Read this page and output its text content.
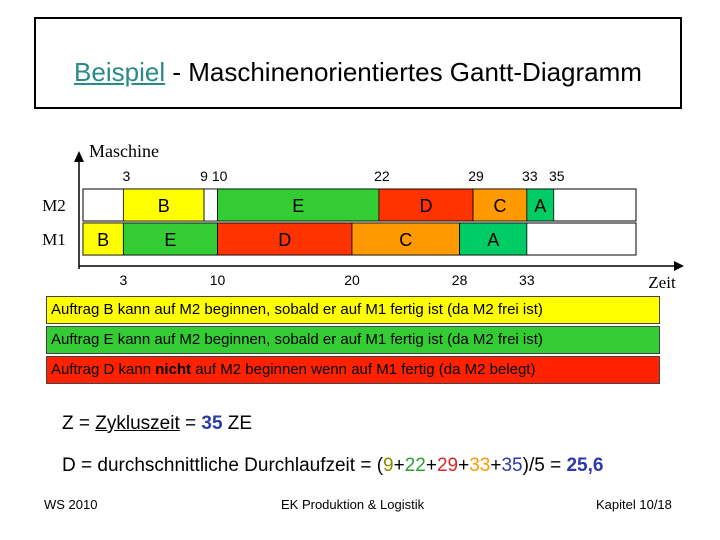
Beispiel - Maschinenorientiertes Gantt-Diagramm
B	E	D	C A
B	E	D	C	A
Maschine
Zeit
M2
M1
3	9 10	22	29	33 35
3	10	20	28	33
Auftrag B kann auf M2 beginnen, sobald er auf M1 fertig ist (da M2 frei ist)
Auftrag E kann auf M2 beginnen, sobald er auf M1 fertig ist (da M2 frei ist)
Auftrag D kann nicht auf M2 beginnen wenn auf M1 fertig (da M2 belegt)
Z = Zykluszeit = 35 ZE
D = durchschnittliche Durchlaufzeit = (9+22+29+33+35)/5 = 25,6
WS 2010	EK Produktion & Logistik	Kapitel 10/18
